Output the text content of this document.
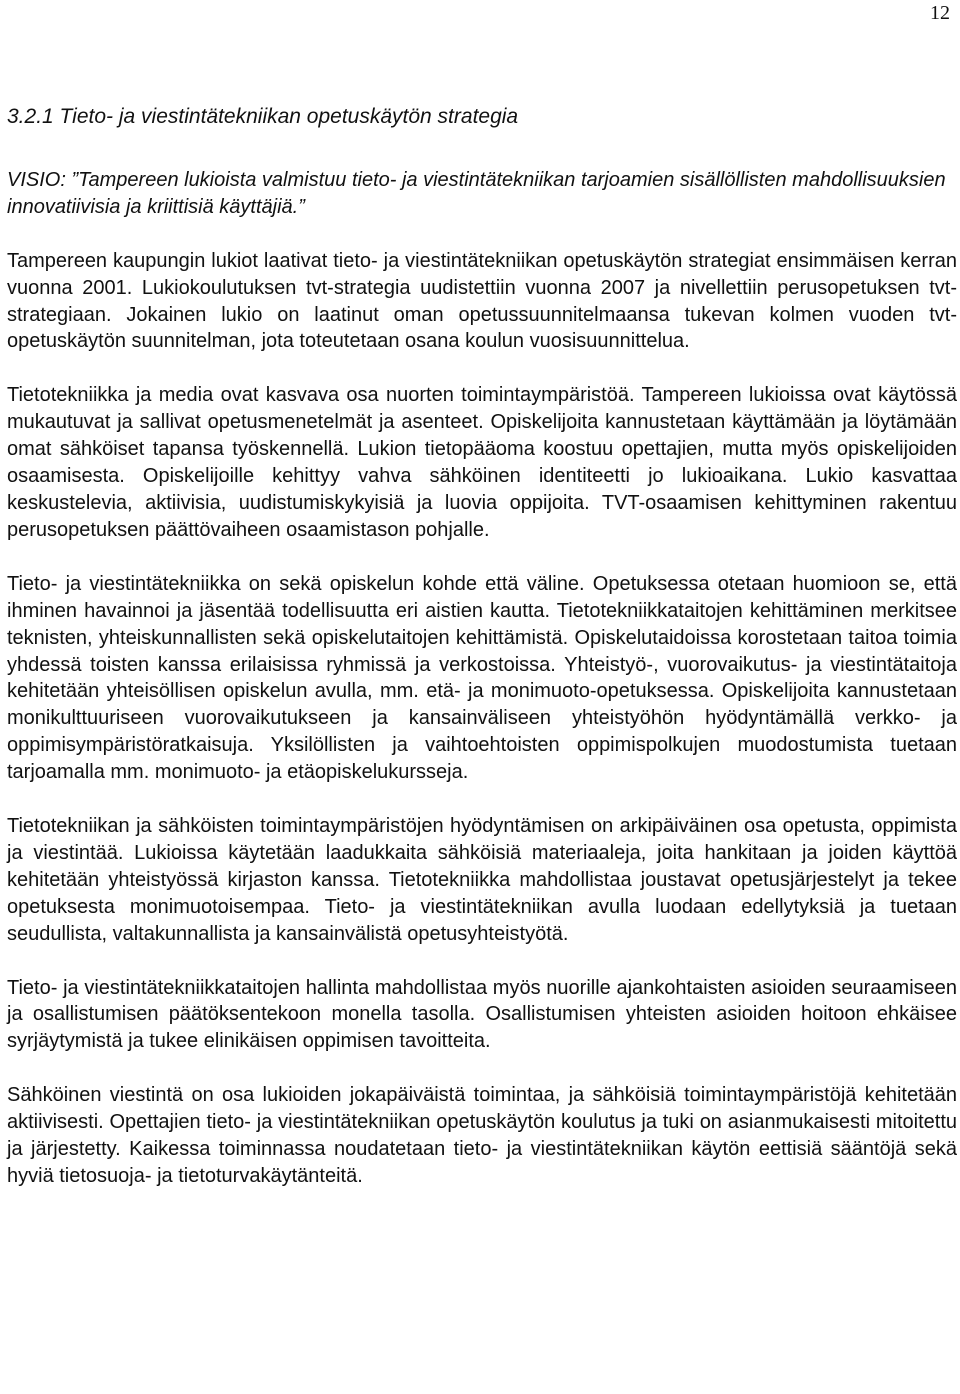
12
3.2.1 Tieto- ja viestintätekniikan opetuskäytön strategia

VISIO: ”Tampereen lukioista valmistuu tieto- ja viestintätekniikan tarjoamien sisällöllisten mahdollisuuksien innovatiivisia ja kriittisiä käyttäjiä.”

Tampereen kaupungin lukiot laativat tieto- ja viestintätekniikan opetuskäytön strategiat ensimmäisen kerran vuonna 2001. Lukiokoulutuksen tvt-strategia uudistettiin vuonna 2007 ja nivellettiin perusopetuksen tvt-strategiaan. Jokainen lukio on laatinut oman opetussuunnitelmaansa tukevan kolmen vuoden tvt-opetuskäytön suunnitelman, jota toteutetaan osana koulun vuosisuunnittelua.

Tietotekniikka ja media ovat kasvava osa nuorten toimintaympäristöä. Tampereen lukioissa ovat käytössä mukautuvat ja sallivat opetusmenetelmät ja asenteet. Opiskelijoita kannustetaan käyttämään ja löytämään omat sähköiset tapansa työskennellä. Lukion tietopääoma koostuu opettajien, mutta myös opiskelijoiden osaamisesta. Opiskelijoille kehittyy vahva sähköinen identiteetti jo lukioaikana. Lukio kasvattaa keskustelevia, aktiivisia, uudistumiskykyisiä ja luovia oppijoita. TVT-osaamisen kehittyminen rakentuu perusopetuksen päättövaiheen osaamistason pohjalle.

Tieto- ja viestintätekniikka on sekä opiskelun kohde että väline. Opetuksessa otetaan huomioon se, että ihminen havainnoi ja jäsentää todellisuutta eri aistien kautta. Tietotekniikkataitojen kehittäminen merkitsee teknisten, yhteiskunnallisten sekä opiskelutaitojen kehittämistä. Opiskelutaidoissa korostetaan taitoa toimia yhdessä toisten kanssa erilaisissa ryhmissä ja verkostoissa. Yhteistyö-, vuorovaikutus- ja viestintätaitoja kehitetään yhteisöllisen opiskelun avulla, mm. etä- ja monimuoto-opetuksessa. Opiskelijoita kannustetaan monikulttuuriseen vuorovaikutukseen ja kansainväliseen yhteistyöhön hyödyntämällä verkko- ja oppimisympäristöratkaisuja. Yksilöllisten ja vaihtoehtoisten oppimispolkujen muodostumista tuetaan tarjoamalla mm. monimuoto- ja etäopiskelukursseja.

Tietotekniikan ja sähköisten toimintaympäristöjen hyödyntämisen on arkipäiväinen osa opetusta, oppimista ja viestintää. Lukioissa käytetään laadukkaita sähköisiä materiaaleja, joita hankitaan ja joiden käyttöä kehitetään yhteistyössä kirjaston kanssa. Tietotekniikka mahdollistaa joustavat opetusjärjestelyt ja tekee opetuksesta monimuotoisempaa. Tieto- ja viestintätekniikan avulla luodaan edellytyksiä ja tuetaan seudullista, valtakunnallista ja kansainvälistä opetusyhteistyötä.

Tieto- ja viestintätekniikkataitojen hallinta mahdollistaa myös nuorille ajankohtaisten asioiden seuraamiseen ja osallistumisen päätöksentekoon monella tasolla. Osallistumisen yhteisten asioiden hoitoon ehkäisee syrjäytymistä ja tukee elinikäisen oppimisen tavoitteita.

Sähköinen viestintä on osa lukioiden jokapäiväistä toimintaa, ja sähköisiä toimintaympäristöjä kehitetään aktiivisesti. Opettajien tieto- ja viestintätekniikan opetuskäytön koulutus ja tuki on asianmukaisesti mitoitettu ja järjestetty. Kaikessa toiminnassa noudatetaan tieto- ja viestintätekniikan käytön eettisiä sääntöjä sekä hyviä tietosuoja- ja tietoturvakäytänteitä.
